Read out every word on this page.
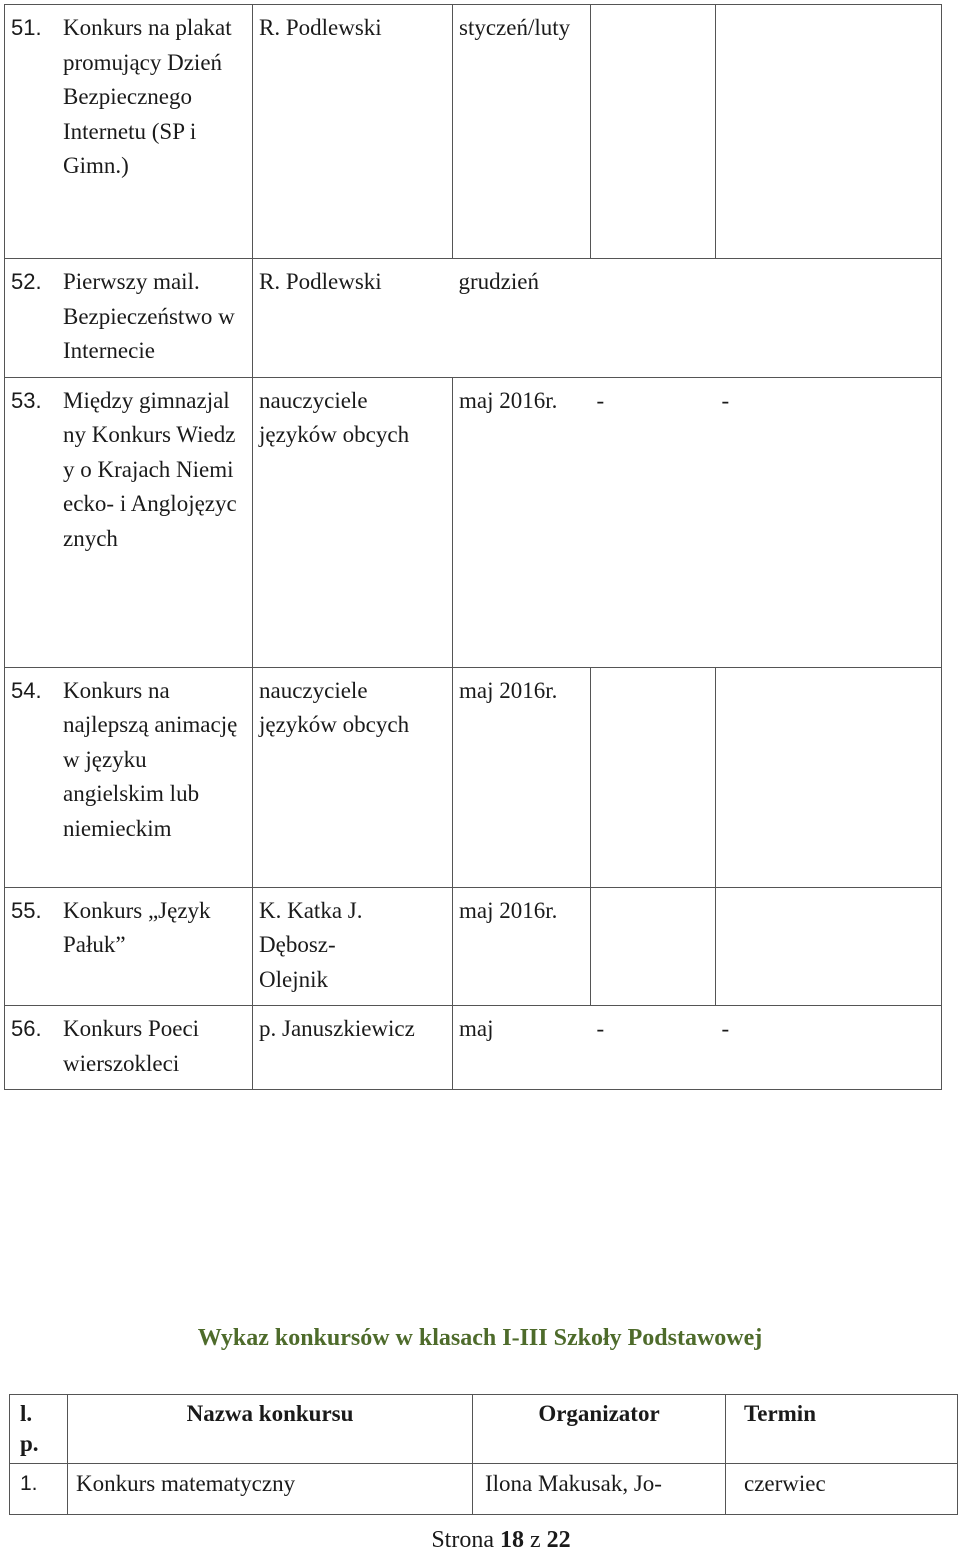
51. Konkurs na plakat promujący Dzień Bezpiecznego Internetu (SP i Gimn.)	R. Podlewski	styczeń/luty		
52. Pierwszy mail. Bezpieczeństwo w Internecie	R. Podlewski	grudzień		
53. Między gimnazjalny Konkurs Wiedzy o Krajach Niemiecko- i Anglojęzycznych	nauczyciele języków obcych	maj 2016r.	-	-
54. Konkurs na najlepszą animację w języku angielskim lub niemieckim	nauczyciele języków obcych	maj 2016r.		
55. Konkurs „Język Pałuk”	K. Katka J. Dębosz-Olejnik	maj 2016r.		
56. Konkurs Poeci wierszokleci	p. Januszkiewicz	maj	-	-
Wykaz konkursów w klasach I-III Szkoły Podstawowej
l.p.	Nazwa konkursu	Organizator	Termin
1.	Konkurs matematyczny	Ilona Makusak, Jo-	czerwiec
Strona 18 z 22
